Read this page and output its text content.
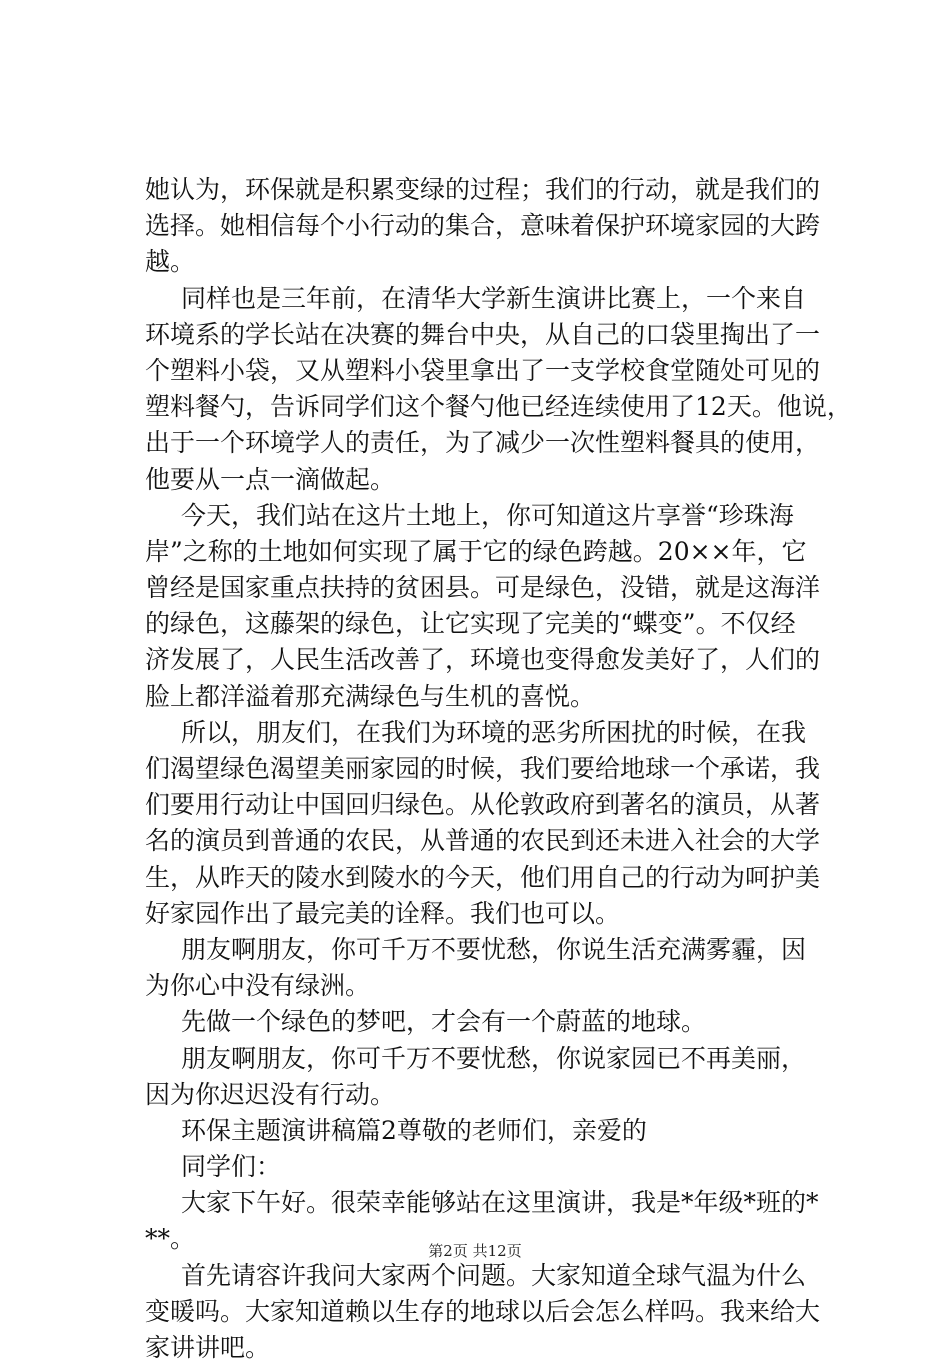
她认为，环保就是积累变绿的过程；我们的行动，就是我们的
选择。她相信每个小行动的集合，意味着保护环境家园的大跨
越。
同样也是三年前，在清华大学新生演讲比赛上，一个来自
环境系的学长站在决赛的舞台中央，从自己的口袋里掏出了一
个塑料小袋，又从塑料小袋里拿出了一支学校食堂随处可见的
塑料餐勺，告诉同学们这个餐勺他已经连续使用了12天。他说，
出于一个环境学人的责任，为了减少一次性塑料餐具的使用，
他要从一点一滴做起。
今天，我们站在这片土地上，你可知道这片享誉“珍珠海
岸”之称的土地如何实现了属于它的绿色跨越。20××年，它
曾经是国家重点扶持的贫困县。可是绿色，没错，就是这海洋
的绿色，这藤架的绿色，让它实现了完美的“蝶变”。不仅经
济发展了，人民生活改善了，环境也变得愈发美好了，人们的
脸上都洋溢着那充满绿色与生机的喜悦。
所以，朋友们，在我们为环境的恶劣所困扰的时候，在我
们渴望绿色渴望美丽家园的时候，我们要给地球一个承诺，我
们要用行动让中国回归绿色。从伦敦政府到著名的演员，从著
名的演员到普通的农民，从普通的农民到还未进入社会的大学
生，从昨天的陵水到陵水的今天，他们用自己的行动为呵护美
好家园作出了最完美的诠释。我们也可以。
朋友啊朋友，你可千万不要忧愁，你说生活充满雾霾，因
为你心中没有绿洲。
先做一个绿色的梦吧，才会有一个蔚蓝的地球。
朋友啊朋友，你可千万不要忧愁，你说家园已不再美丽，
因为你迟迟没有行动。
环保主题演讲稿篇2尊敬的老师们，亲爱的
同学们：
大家下午好。很荣幸能够站在这里演讲，我是*年级*班的*
**。
首先请容许我问大家两个问题。大家知道全球气温为什么
变暖吗。大家知道赖以生存的地球以后会怎么样吗。我来给大
家讲讲吧。
第2页 共12页
